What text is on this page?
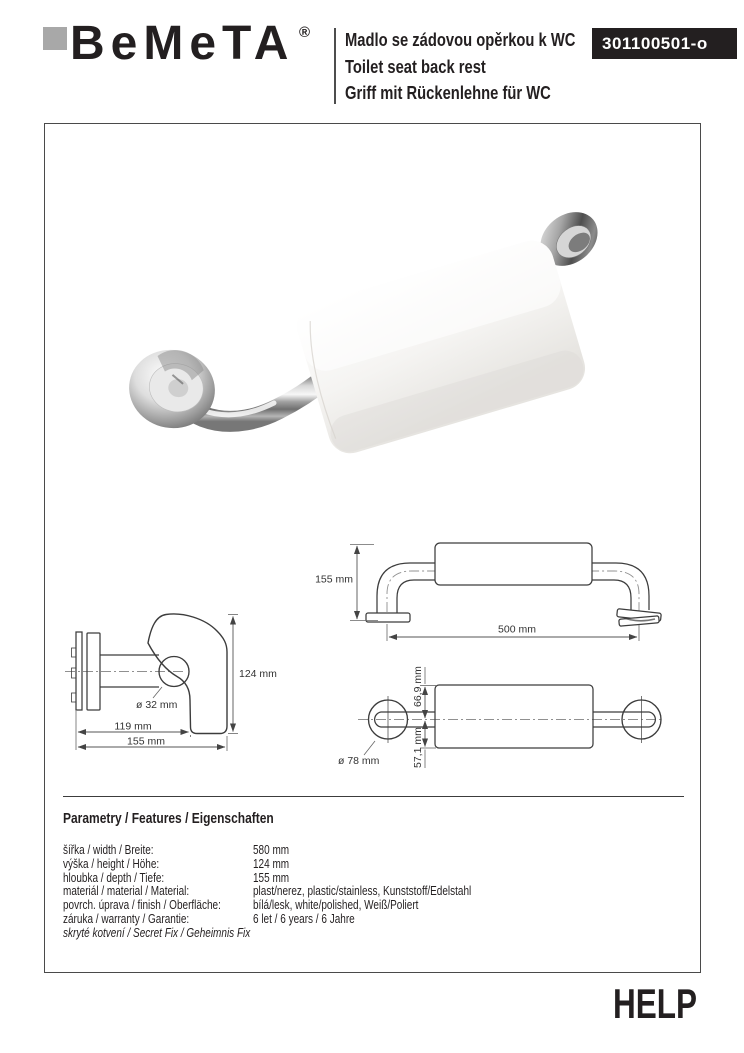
BeMeTA ® Madlo se zádovou opěrkou k WC
Toilet seat back rest
Griff mit Rückenlehne für WC
301100501-o
155 mm
500 mm
124 mm
ø 32 mm
119 mm
155 mm
66,9 mm
57,1 mm
ø 78 mm
Parametry / Features / Eigenschaften
šířka / width / Breite:	580 mm
výška / height / Höhe:	124 mm
hloubka / depth / Tiefe:	155 mm
materiál / material / Material:	plast/nerez, plastic/stainless, Kunststoff/Edelstahl
povrch. úprava / finish / Oberfläche:	bílá/lesk, white/polished, Weiß/Poliert
záruka / warranty / Garantie:	6 let / 6 years / 6 Jahre
skryté kotvení / Secret Fix / Geheimnis Fix
HELP
